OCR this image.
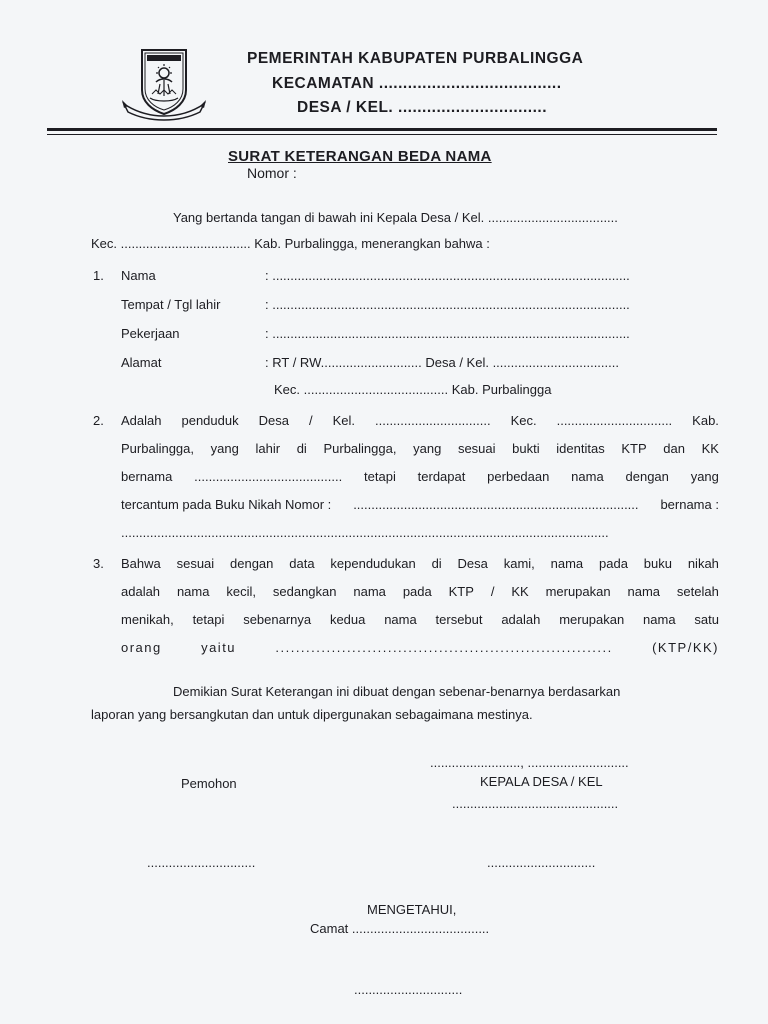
PEMERINTAH KABUPATEN PURBALINGGA
KECAMATAN ......................................
DESA / KEL. ...............................
SURAT KETERANGAN BEDA NAMA
Nomor :
Yang bertanda tangan di bawah ini Kepala Desa / Kel. ....................................
Kec. .................................... Kab. Purbalingga, menerangkan bahwa :
1. Nama	: ...................................................................................................
Tempat / Tgl lahir	: ...................................................................................................
Pekerjaan	: ...................................................................................................
Alamat	: RT / RW............................ Desa / Kel. ...................................
Kec. ........................................ Kab. Purbalingga
2. Adalah penduduk Desa / Kel. ................................ Kec. ................................ Kab.
Purbalingga, yang lahir di Purbalingga, yang sesuai bukti identitas KTP dan KK
bernama ......................................... tetapi terdapat perbedaan nama dengan yang
tercantum pada Buku Nikah Nomor : ............................................................................... bernama :
.......................................................................................................................................
3. Bahwa sesuai dengan data kependudukan di Desa kami, nama pada buku nikah
adalah nama kecil, sedangkan nama pada KTP / KK merupakan nama setelah
menikah, tetapi sebenarnya kedua nama tersebut adalah merupakan nama satu
orang	yaitu	..................................................................	(KTP/KK)
Demikian Surat Keterangan ini dibuat dengan sebenar-benarnya berdasarkan
laporan yang bersangkutan dan untuk dipergunakan sebagaimana mestinya.
........................., ............................
Pemohon	KEPALA DESA / KEL
..............................................
..............................	..............................
MENGETAHUI,
Camat ......................................
..............................
